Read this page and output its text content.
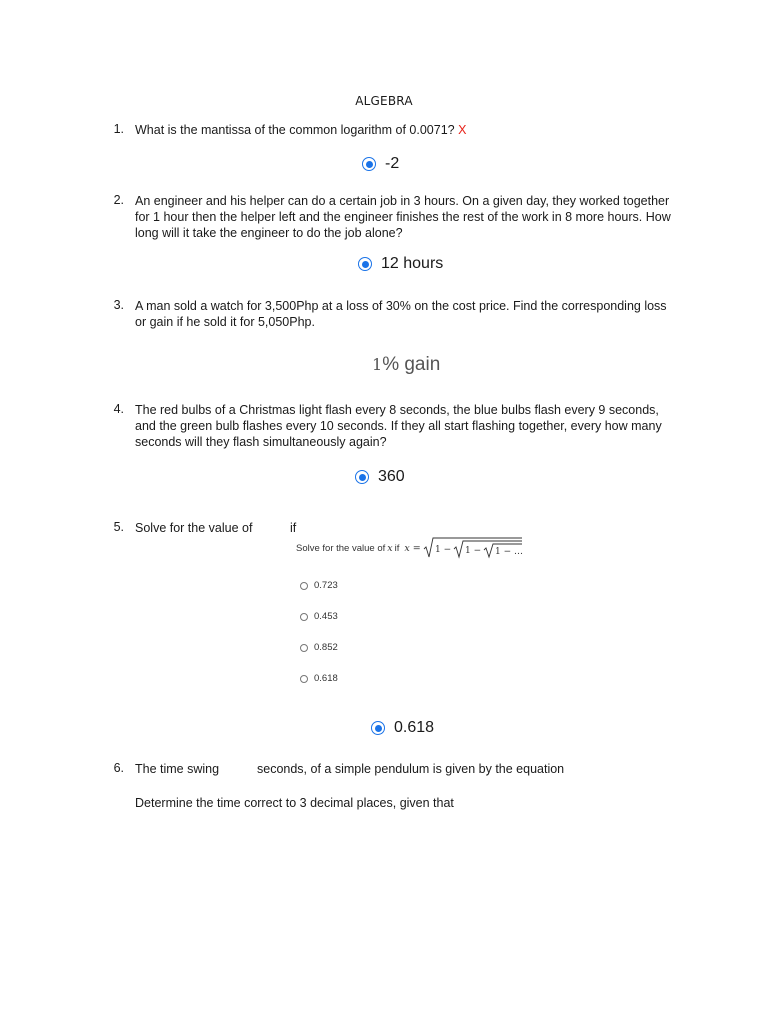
ALGEBRA
1. What is the mantissa of the common logarithm of 0.0071? X
-2
2. An engineer and his helper can do a certain job in 3 hours. On a given day, they worked together for 1 hour then the helper left and the engineer finishes the rest of the work in 8 more hours. How long will it take the engineer to do the job alone?
12 hours
3. A man sold a watch for 3,500Php at a loss of 30% on the cost price. Find the corresponding loss or gain if he sold it for 5,050Php.
1% gain
4. The red bulbs of a Christmas light flash every 8 seconds, the blue bulbs flash every 9 seconds, and the green bulb flashes every 10 seconds. If they all start flashing together, every how many seconds will they flash simultaneously again?
360
5. Solve for the value of	if
Solve for the value of x if x = 1 − 1 − 1 − …
0.723
0.453
0.852
0.618
0.618
6. The time swing	seconds, of a simple pendulum is given by the equation
Determine the time correct to 3 decimal places, given that
